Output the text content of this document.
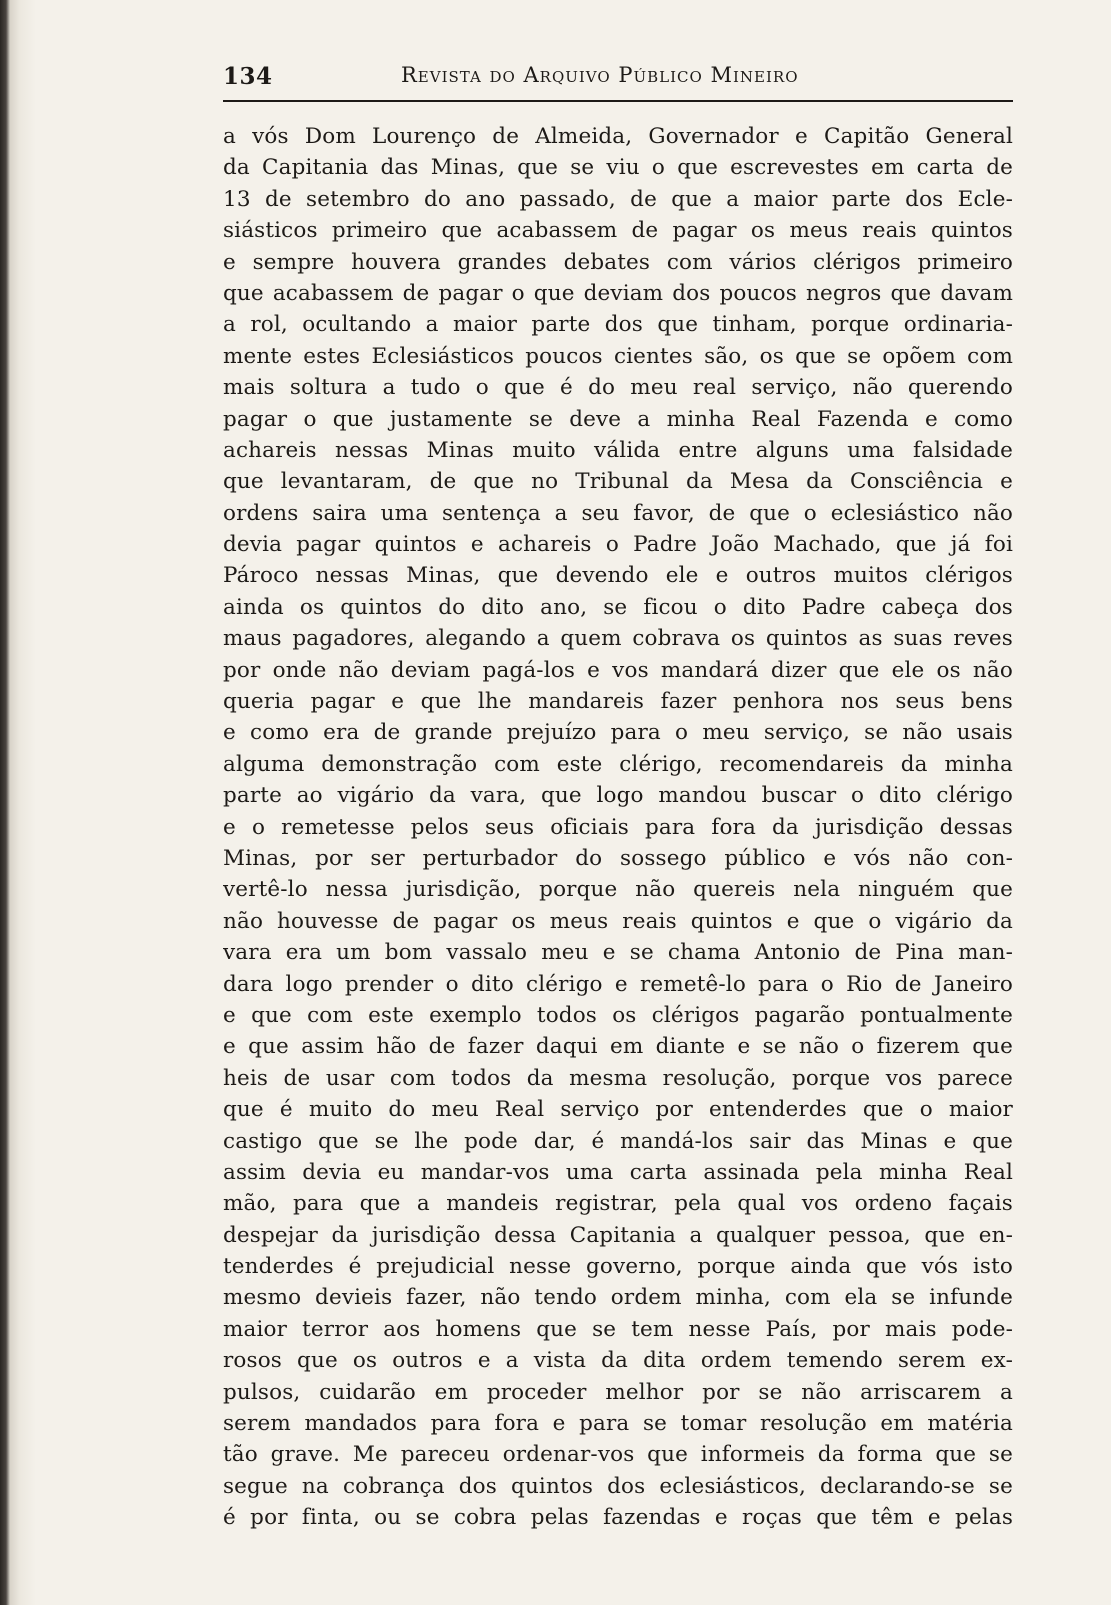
134	Revista do Arquivo Público Mineiro
a vós Dom Lourenço de Almeida, Governador e Capitão General
da Capitania das Minas, que se viu o que escrevestes em carta de
13 de setembro do ano passado, de que a maior parte dos Ecle-
siásticos primeiro que acabassem de pagar os meus reais quintos
e sempre houvera grandes debates com vários clérigos primeiro
que acabassem de pagar o que deviam dos poucos negros que davam
a rol, ocultando a maior parte dos que tinham, porque ordinaria-
mente estes Eclesiásticos poucos cientes são, os que se opõem com
mais soltura a tudo o que é do meu real serviço, não querendo
pagar o que justamente se deve a minha Real Fazenda e como
achareis nessas Minas muito válida entre alguns uma falsidade
que levantaram, de que no Tribunal da Mesa da Consciência e
ordens saira uma sentença a seu favor, de que o eclesiástico não
devia pagar quintos e achareis o Padre João Machado, que já foi
Pároco nessas Minas, que devendo ele e outros muitos clérigos
ainda os quintos do dito ano, se ficou o dito Padre cabeça dos
maus pagadores, alegando a quem cobrava os quintos as suas reves
por onde não deviam pagá-los e vos mandará dizer que ele os não
queria pagar e que lhe mandareis fazer penhora nos seus bens
e como era de grande prejuízo para o meu serviço, se não usais
alguma demonstração com este clérigo, recomendareis da minha
parte ao vigário da vara, que logo mandou buscar o dito clérigo
e o remetesse pelos seus oficiais para fora da jurisdição dessas
Minas, por ser perturbador do sossego público e vós não con-
vertê-lo nessa jurisdição, porque não quereis nela ninguém que
não houvesse de pagar os meus reais quintos e que o vigário da
vara era um bom vassalo meu e se chama Antonio de Pina man-
dara logo prender o dito clérigo e remetê-lo para o Rio de Janeiro
e que com este exemplo todos os clérigos pagarão pontualmente
e que assim hão de fazer daqui em diante e se não o fizerem que
heis de usar com todos da mesma resolução, porque vos parece
que é muito do meu Real serviço por entenderdes que o maior
castigo que se lhe pode dar, é mandá-los sair das Minas e que
assim devia eu mandar-vos uma carta assinada pela minha Real
mão, para que a mandeis registrar, pela qual vos ordeno façais
despejar da jurisdição dessa Capitania a qualquer pessoa, que en-
tenderdes é prejudicial nesse governo, porque ainda que vós isto
mesmo devieis fazer, não tendo ordem minha, com ela se infunde
maior terror aos homens que se tem nesse País, por mais pode-
rosos que os outros e a vista da dita ordem temendo serem ex-
pulsos, cuidarão em proceder melhor por se não arriscarem a
serem mandados para fora e para se tomar resolução em matéria
tão grave. Me pareceu ordenar-vos que informeis da forma que se
segue na cobrança dos quintos dos eclesiásticos, declarando-se se
é por finta, ou se cobra pelas fazendas e roças que têm e pelas
